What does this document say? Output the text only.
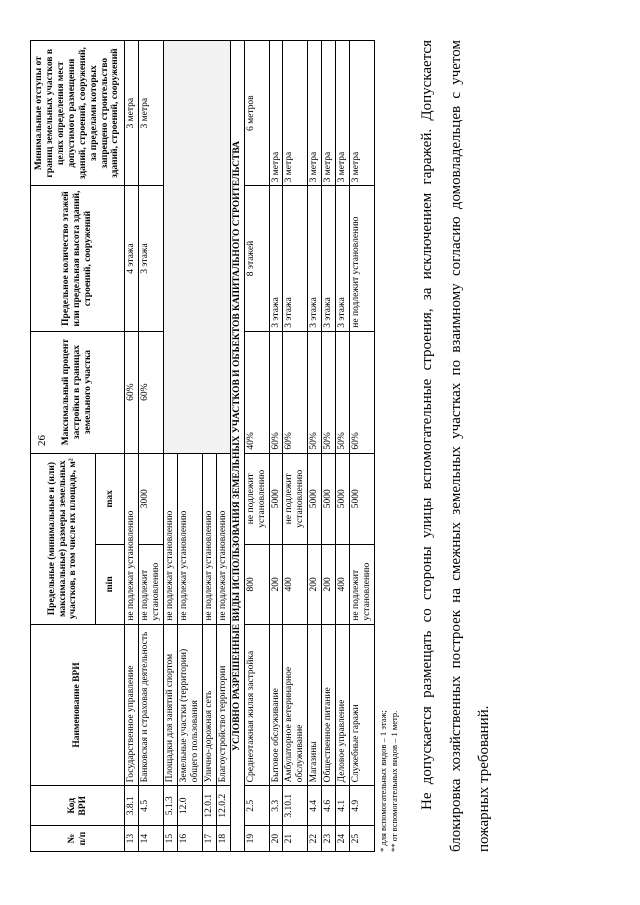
26
№ п/п	Код ВРИ	Наименование ВРИ	Предельные (минимальные и (или) максимальные) размеры земельных участков, в том числе их площадь, м²		Максимальный процент застройки в границах земельного участка	Предельное количество этажей или предельная высота зданий, строений, сооружений	Минимальные отступы от границ земельных участков в целях определения мест допустимого размещения зданий, строений, сооружений, за пределами которых запрещено строительство зданий, строений, сооружений
			min	max			
13	3.8.1	Государственное управление	не подлежат установлению		60%	4 этажа	3 метра
14	4.5	Банковская и страховая деятельность	не подлежит установлению	3000	60%	3 этажа	3 метра
15	5.1.3	Площадки для занятий спортом	не подлежат установлению				
16	12.0	Земельные участки (территории) общего пользования	не подлежат установлению				
17	12.0.1	Улично-дорожная сеть	не подлежат установлению				
18	12.0.2	Благоустройство территории	не подлежат установлению				
УСЛОВНО РАЗРЕШЕННЫЕ ВИДЫ ИСПОЛЬЗОВАНИЯ ЗЕМЕЛЬНЫХ УЧАСТКОВ И ОБЪЕКТОВ КАПИТАЛЬНОГО СТРОИТЕЛЬСТВА							
19	2.5	Среднеэтажная жилая застройка	800	не подлежит установлению	40%	8 этажей	6 метров
20	3.3	Бытовое обслуживание	200	5000	60%	3 этажа	3 метра
21	3.10.1	Амбулаторное ветеринарное обслуживание	400	не подлежит установлению	60%	3 этажа	3 метра
22	4.4	Магазины	200	5000	50%	3 этажа	3 метра
23	4.6	Общественное питание	200	5000	50%	3 этажа	3 метра
24	4.1	Деловое управление	400	5000	50%	3 этажа	3 метра
25	4.9	Служебные гаражи	не подлежит установлению	5000	60%	не подлежит установлению	3 метра
* для вспомогательных видов – 1 этаж; ** от вспомогательных видов – 1 метр.	Не допускается размещать со стороны улицы вспомогательные строения, за исключением гаражей. Допускается блокировка хозяйственных построек на смежных земельных участках по взаимному согласию домовладельцев с учетом пожарных требований.
